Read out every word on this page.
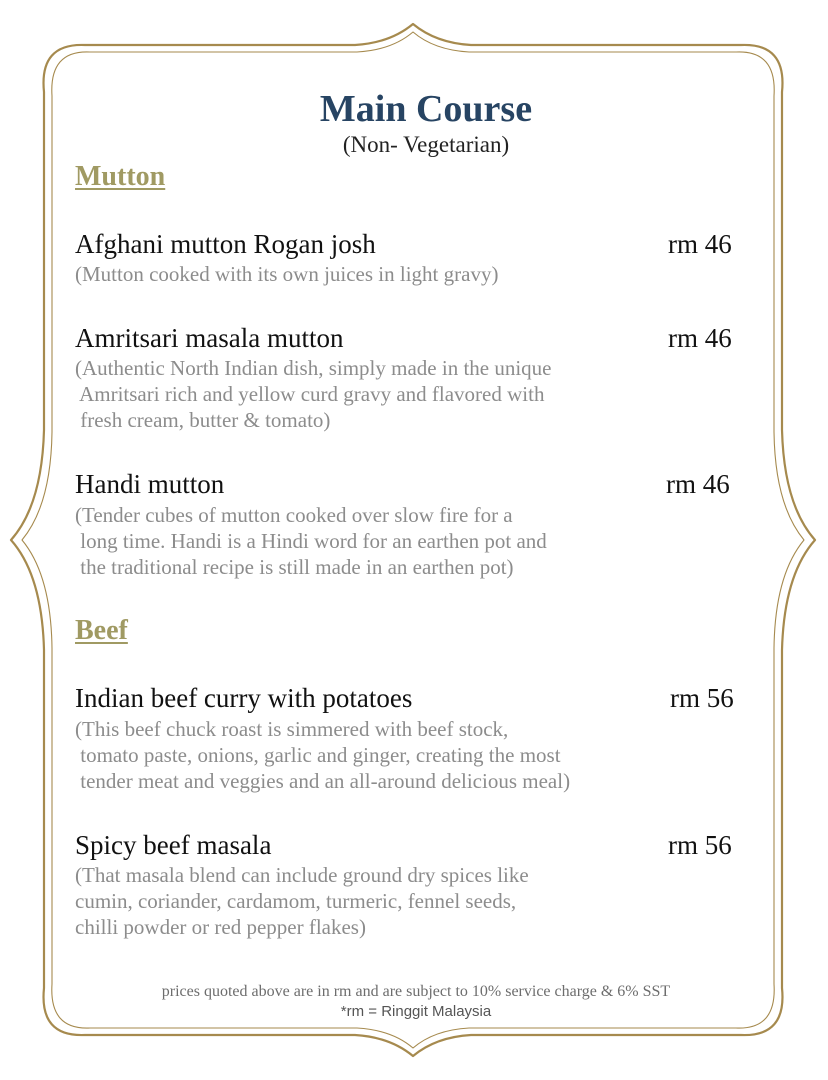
Main Course
(Non- Vegetarian)
Mutton
Afghani mutton Rogan josh	rm 46
(Mutton cooked with its own juices in light gravy)
Amritsari masala mutton	rm 46
(Authentic North Indian dish, simply made in the unique
Amritsari rich and yellow curd gravy and flavored with
fresh cream, butter & tomato)
Handi mutton	rm 46
(Tender cubes of mutton cooked over slow fire for a
long time. Handi is a Hindi word for an earthen pot and
the traditional recipe is still made in an earthen pot)
Beef
Indian beef curry with potatoes	rm 56
(This beef chuck roast is simmered with beef stock,
tomato paste, onions, garlic and ginger, creating the most
tender meat and veggies and an all-around delicious meal)
Spicy beef masala	rm 56
(That masala blend can include ground dry spices like
cumin, coriander, cardamom, turmeric, fennel seeds,
chilli powder or red pepper flakes)
prices quoted above are in rm and are subject to 10% service charge & 6% SST
*rm = Ringgit Malaysia
